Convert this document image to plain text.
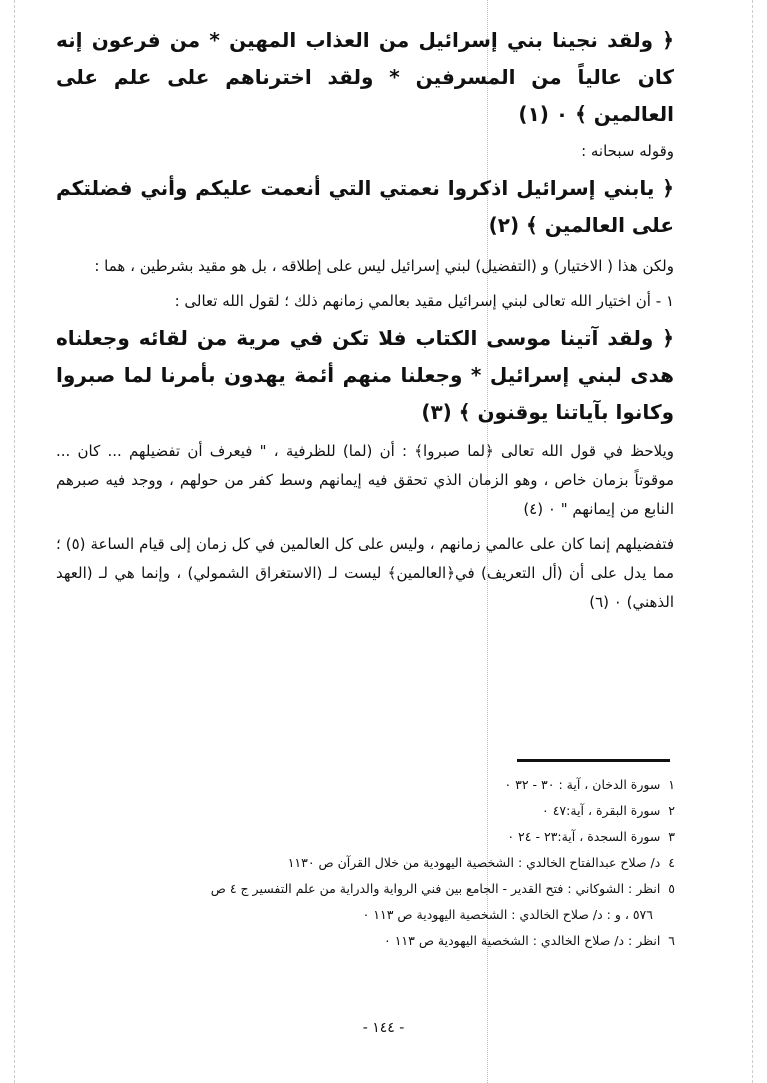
﴿ ولقد نجينا بني إسرائيل من العذاب المهين * من فرعون إنه كان عالياً من المسرفين * ولقد اخترناهم على علم على العالمين ﴾ ٠ (١)

وقوله سبحانه :

﴿ يابني إسرائيل اذكروا نعمتي التي أنعمت عليكم وأني فضلتكم على العالمين ﴾ (٢)

ولكن هذا ( الاختيار) و (التفضيل) لبني إسرائيل ليس على إطلاقه ، بل هو مقيد بشرطين ، هما :

١ - أن اختيار الله تعالى لبني إسرائيل مقيد بعالمي زمانهم ذلك ؛ لقول الله تعالى :

﴿ ولقد آتينا موسى الكتاب فلا تكن في مرية من لقائه وجعلناه هدى لبني إسرائيل * وجعلنا منهم أئمة يهدون بأمرنا لما صبروا وكانوا بآياتنا يوقنون ﴾ (٣)

ويلاحظ في قول الله تعالى ﴿لما صبروا﴾ : أن (لما) للظرفية ، " فيعرف أن تفضيلهم ... كان ... موقوتاً بزمان خاص ، وهو الزمان الذي تحقق فيه إيمانهم وسط كفر من حولهم ، ووجد فيه صبرهم النابع من إيمانهم " ٠ (٤)

فتفضيلهم إنما كان على عالمي زمانهم ، وليس على كل العالمين في كل زمان إلى قيام الساعة (٥) ؛ مما يدل على أن (أل التعريف) في﴿العالمين﴾ ليست لـ (الاستغراق الشمولي) ، وإنما هي لـ (العهد الذهني) ٠ (٦)

١  سورة الدخان ، آية : ٣٠ - ٣٢ ٠

٢  سورة البقرة ، آية:٤٧ ٠

٣  سورة السجدة ، آية:٢٣ - ٢٤ ٠

٤  د/ صلاح عبدالفتاح الخالدي : الشخصية اليهودية من خلال القرآن ص ١١٣٠

٥  انظر : الشوكاني : فتح القدير - الجامع بين فني الرواية والدراية من علم التفسير ج ٤ ص

٥٧٦ ، و : د/ صلاح الخالدي : الشخصية اليهودية ص ١١٣ ٠

٦  انظر : د/ صلاح الخالدي : الشخصية اليهودية ص ١١٣ ٠

- ١٤٤ -
